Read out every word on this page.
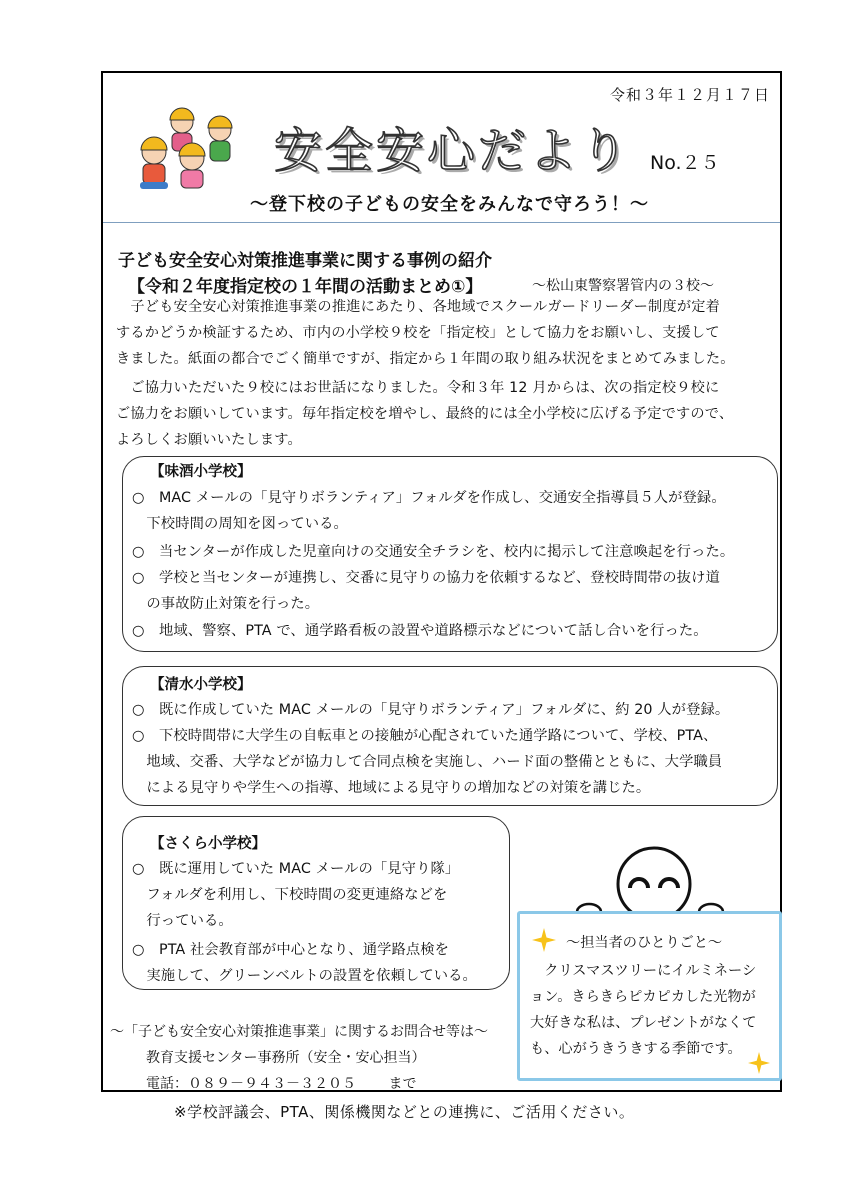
令和３年１２月１７日
安全安心だより No.２５
～登下校の子どもの安全をみんなで守ろう！～
子ども安全安心対策推進事業に関する事例の紹介
【令和２年度指定校の１年間の活動まとめ①】	～松山東警察署管内の３校～
　子ども安全安心対策推進事業の推進にあたり、各地域でスクールガードリーダー制度が定着
するかどうか検証するため、市内の小学校９校を「指定校」として協力をお願いし、支援して
きました。紙面の都合でごく簡単ですが、指定から１年間の取り組み状況をまとめてみました。
　ご協力いただいた９校にはお世話になりました。令和３年 12 月からは、次の指定校９校に
ご協力をお願いしています。毎年指定校を増やし、最終的には全小学校に広げる予定ですので、
よろしくお願いいたします。
【味酒小学校】
○　MAC メールの「見守りボランティア」フォルダを作成し、交通安全指導員５人が登録。
　下校時間の周知を図っている。
○　当センターが作成した児童向けの交通安全チラシを、校内に掲示して注意喚起を行った。
○　学校と当センターが連携し、交番に見守りの協力を依頼するなど、登校時間帯の抜け道
　の事故防止対策を行った。
○　地域、警察、PTA で、通学路看板の設置や道路標示などについて話し合いを行った。
【清水小学校】
○　既に作成していた MAC メールの「見守りボランティア」フォルダに、約 20 人が登録。
○　下校時間帯に大学生の自転車との接触が心配されていた通学路について、学校、PTA、
　地域、交番、大学などが協力して合同点検を実施し、ハード面の整備とともに、大学職員
　による見守りや学生への指導、地域による見守りの増加などの対策を講じた。
【さくら小学校】
○　既に運用していた MAC メールの「見守り隊」
　フォルダを利用し、下校時間の変更連絡などを
　行っている。
○　PTA 社会教育部が中心となり、通学路点検を
　実施して、グリーンベルトの設置を依頼している。
～担当者のひとりごと～
　クリスマスツリーにイルミネーシ
ョン。きらきらピカピカした光物が
大好きな私は、プレゼントがなくて
も、心がうきうきする季節です。
～「子ども安全安心対策推進事業」に関するお問合せ等は～
教育支援センター事務所（安全・安心担当）
電話：０８９－９４３－３２０５　　 まで
※学校評議会、PTA、関係機関などとの連携に、ご活用ください。
